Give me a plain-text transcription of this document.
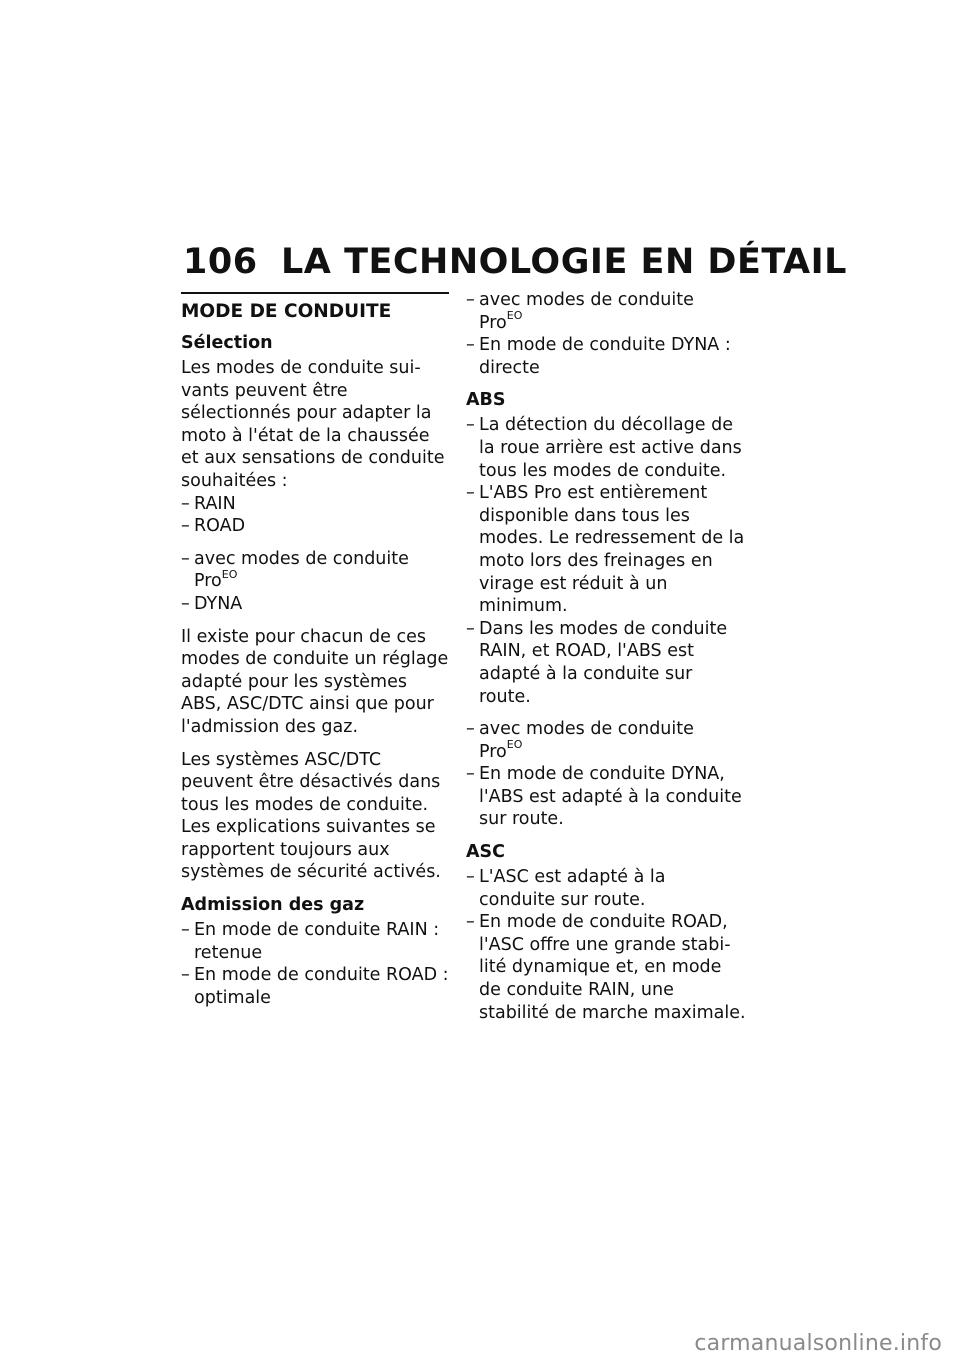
106 LA TECHNOLOGIE EN DÉTAIL
MODE DE CONDUITE
Sélection
Les modes de conduite suivants peuvent être sélectionnés pour adapter la moto à l'état de la chaussée et aux sensations de conduite souhaitées :
– RAIN
– ROAD
– avec modes de conduite
Pro$^{EO}$
– DYNA
Il existe pour chacun de ces modes de conduite un réglage adapté pour les systèmes ABS, ASC/DTC ainsi que pour l'admission des gaz.
Les systèmes ASC/DTC peuvent être désactivés dans tous les modes de conduite. Les explications suivantes se rapportent toujours aux systèmes de sécurité activés.
Admission des gaz
– En mode de conduite RAIN : retenue
– En mode de conduite ROAD : optimale
– avec modes de conduite
Pro$^{EO}$
– En mode de conduite DYNA : directe
ABS
– La détection du décollage de la roue arrière est active dans tous les modes de conduite.
– L'ABS Pro est entièrement disponible dans tous les modes. Le redressement de la moto lors des freinages en virage est réduit à un minimum.
– Dans les modes de conduite RAIN, et ROAD, l'ABS est adapté à la conduite sur route.
– avec modes de conduite
Pro$^{EO}$
– En mode de conduite DYNA, l'ABS est adapté à la conduite sur route.
ASC
– L'ASC est adapté à la conduite sur route.
– En mode de conduite ROAD, l'ASC offre une grande stabilité dynamique et, en mode de conduite RAIN, une stabilité de marche maximale.
carmanualsonline.info
